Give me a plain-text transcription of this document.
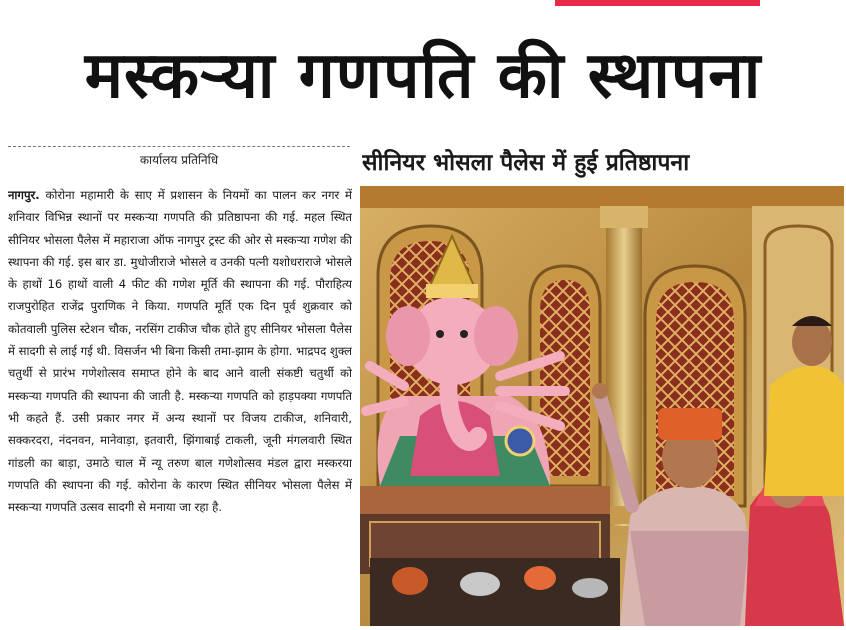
मस्कर्‍या गणपति की स्थापना
कार्यालय प्रतिनिधि

नागपुर. कोरोना महामारी के साए में प्रशासन के नियमों का पालन कर नगर में शनिवार विभिन्न स्थानों पर मस्कर्‍या गणपति की प्रतिष्ठापना की गई. महल स्थित सीनियर भोसला पैलेस में महाराजा ऑफ नागपुर ट्रस्ट की ओर से मस्कर्‍या गणेश की स्थापना की गई. इस बार डा. मुधोजीराजे भोसले व उनकी पत्नी यशोधराराजे भोसले के हाथों 16 हाथों वाली 4 फीट की गणेश मूर्ति की स्थापना की गई. पौराहित्य राजपुरोहित राजेंद्र पुराणिक ने किया. गणपति मूर्ति एक दिन पूर्व शुक्रवार को कोतवाली पुलिस स्टेशन चौक, नरसिंग टाकीज चौक होते हुए सीनियर भोसला पैलेस में सादगी से लाई गई थी. विसर्जन भी बिना किसी तमा-झाम के होगा. भाद्रपद शुक्ल चतुर्थी से प्रारंभ गणेशोत्सव समाप्त होने के बाद आने वाली संकष्टी चतुर्थी को मस्कर्‍या गणपति की स्थापना की जाती है. मस्कर्‍या गणपति को हाड़पक्या गणपति भी कहते हैं. उसी प्रकार नगर में अन्य स्थानों पर विजय टाकीज, शनिवारी, सक्करदरा, नंदनवन, मानेवाड़ा, इतवारी, झिंगाबाई टाकली, जूनी मंगलवारी स्थित गांडली का बाड़ा, उमाठे चाल में न्यू तरुण बाल गणेशोत्सव मंडल द्वारा मस्करया गणपति की स्थापना की गई. कोरोना के कारण स्थित सीनियर भोसला पैलेस में मस्कर्‍या गणपति उत्सव सादगी से मनाया जा रहा है.

सीनियर भोसला पैलेस में हुई प्रतिष्ठापना
